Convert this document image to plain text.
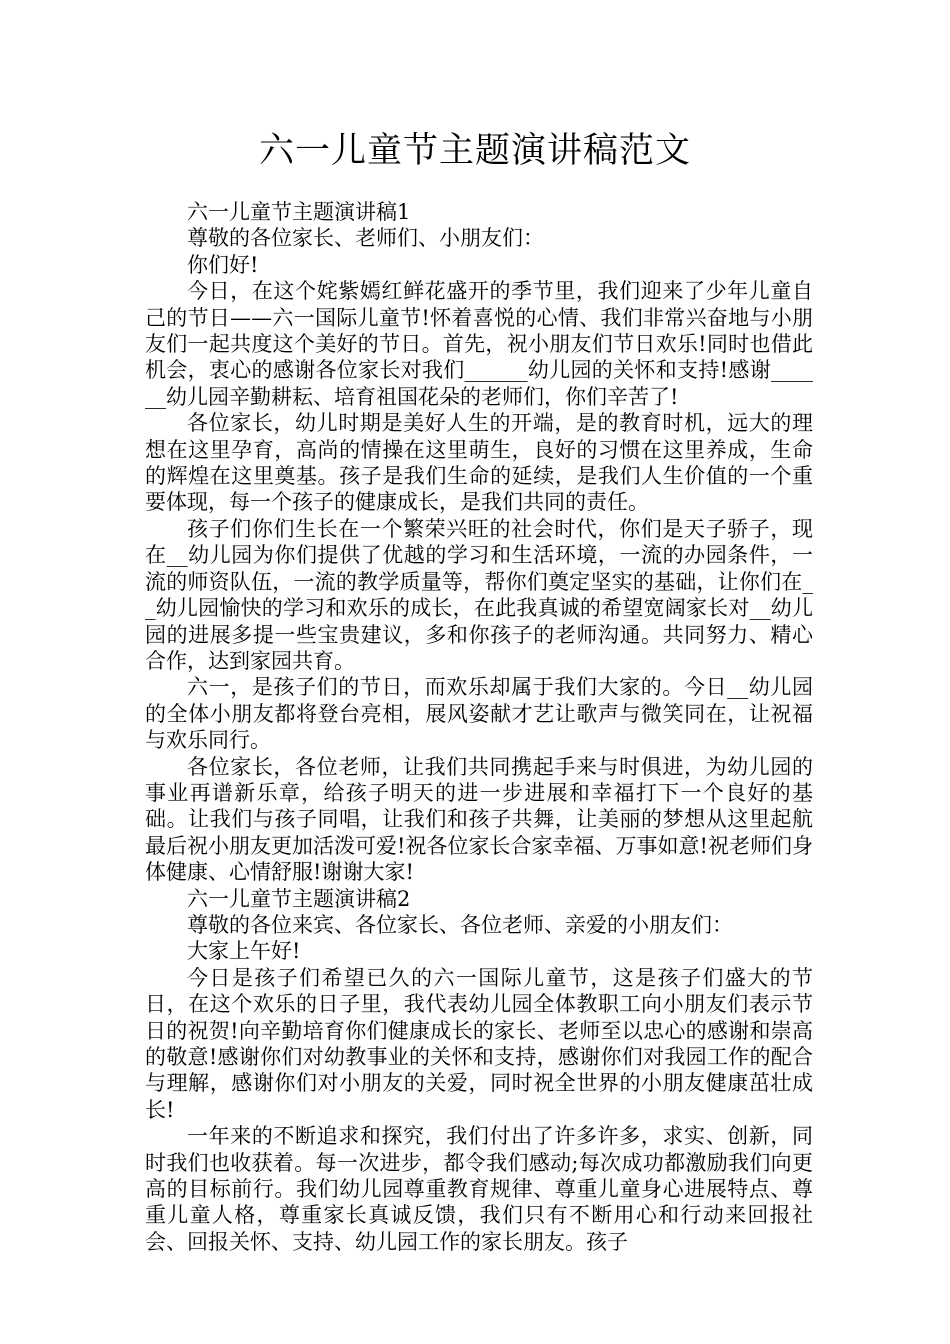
六一儿童节主题演讲稿范文

六一儿童节主题演讲稿1

尊敬的各位家长、老师们、小朋友们：

你们好!

今日，在这个姹紫嫣红鲜花盛开的季节里，我们迎来了少年儿童自己的节日——六一国际儿童节!怀着喜悦的心情、我们非常兴奋地与小朋友们一起共度这个美好的节日。首先，祝小朋友们节日欢乐!同时也借此机会，衷心的感谢各位家长对我们______幼儿园的关怀和支持!感谢______幼儿园辛勤耕耘、培育祖国花朵的老师们，你们辛苦了!

各位家长，幼儿时期是美好人生的开端，是的教育时机，远大的理想在这里孕育，高尚的情操在这里萌生，良好的习惯在这里养成，生命的辉煌在这里奠基。孩子是我们生命的延续，是我们人生价值的一个重要体现，每一个孩子的健康成长，是我们共同的责任。

孩子们你们生长在一个繁荣兴旺的社会时代，你们是天子骄子，现在__幼儿园为你们提供了优越的学习和生活环境，一流的办园条件，一流的师资队伍，一流的教学质量等，帮你们奠定坚实的基础，让你们在__幼儿园愉快的学习和欢乐的成长，在此我真诚的希望宽阔家长对__幼儿园的进展多提一些宝贵建议，多和你孩子的老师沟通。共同努力、精心合作，达到家园共育。

六一，是孩子们的节日，而欢乐却属于我们大家的。今日__幼儿园的全体小朋友都将登台亮相，展风姿献才艺让歌声与微笑同在，让祝福与欢乐同行。

各位家长，各位老师，让我们共同携起手来与时俱进，为幼儿园的事业再谱新乐章，给孩子明天的进一步进展和幸福打下一个良好的基础。让我们与孩子同唱，让我们和孩子共舞，让美丽的梦想从这里起航最后祝小朋友更加活泼可爱!祝各位家长合家幸福、万事如意!祝老师们身体健康、心情舒服!谢谢大家!

六一儿童节主题演讲稿2

尊敬的各位来宾、各位家长、各位老师、亲爱的小朋友们：

大家上午好!

今日是孩子们希望已久的六一国际儿童节，这是孩子们盛大的节日，在这个欢乐的日子里，我代表幼儿园全体教职工向小朋友们表示节日的祝贺!向辛勤培育你们健康成长的家长、老师至以忠心的感谢和崇高的敬意!感谢你们对幼教事业的关怀和支持，感谢你们对我园工作的配合与理解，感谢你们对小朋友的关爱，同时祝全世界的小朋友健康茁壮成长!

一年来的不断追求和探究，我们付出了许多许多，求实、创新，同时我们也收获着。每一次进步，都令我们感动;每次成功都激励我们向更高的目标前行。我们幼儿园尊重教育规律、尊重儿童身心进展特点、尊重儿童人格，尊重家长真诚反馈，我们只有不断用心和行动来回报社会、回报关怀、支持、幼儿园工作的家长朋友。孩子
